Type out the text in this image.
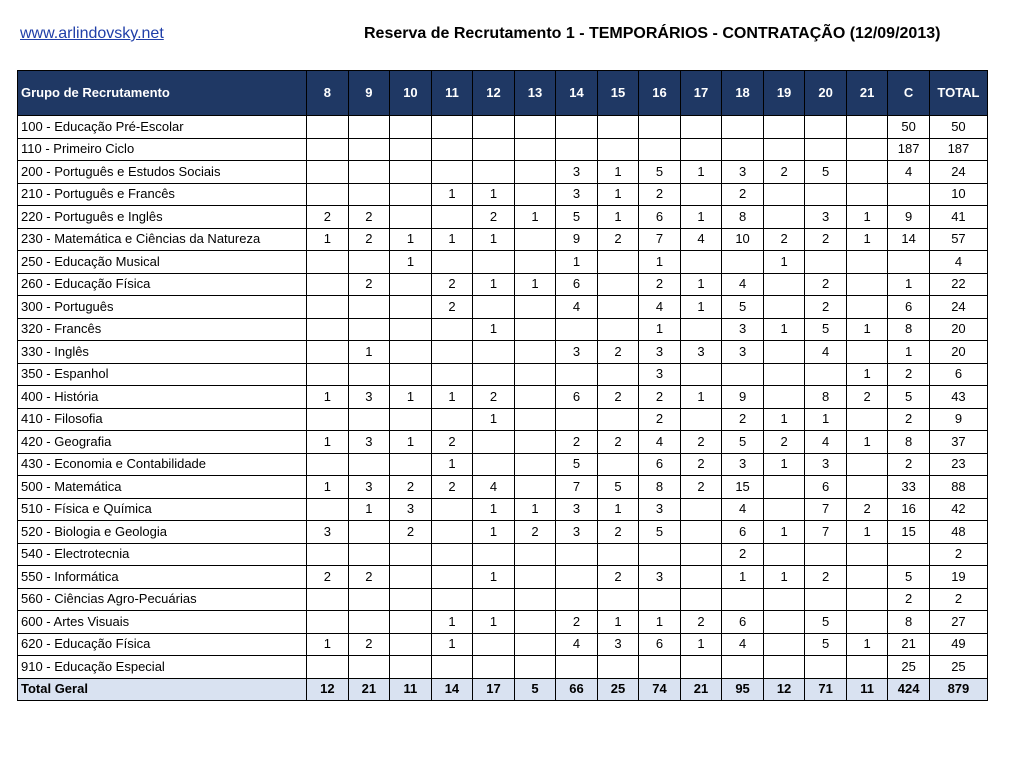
www.arlindovsky.net	Reserva de Recrutamento 1 - TEMPORÁRIOS - CONTRATAÇÃO (12/09/2013)
Grupo de Recrutamento	8	9	10	11	12	13	14	15	16	17	18	19	20	21	C	TOTAL
100 - Educação Pré-Escolar															50	50
110 - Primeiro Ciclo															187	187
200 - Português e Estudos Sociais							3	1	5	1	3	2	5		4	24
210 - Português e Francês				1	1		3	1	2		2					10
220 - Português e Inglês	2	2			2	1	5	1	6	1	8		3	1	9	41
230 - Matemática e Ciências da Natureza	1	2	1	1	1		9	2	7	4	10	2	2	1	14	57
250 - Educação Musical			1				1		1			1				4
260 - Educação Física		2		2	1	1	6		2	1	4		2		1	22
300 - Português				2			4		4	1	5		2		6	24
320 - Francês					1				1		3	1	5	1	8	20
330 - Inglês		1					3	2	3	3	3		4		1	20
350 - Espanhol									3					1	2	6
400 - História	1	3	1	1	2		6	2	2	1	9		8	2	5	43
410 - Filosofia					1				2		2	1	1		2	9
420 - Geografia	1	3	1	2			2	2	4	2	5	2	4	1	8	37
430 - Economia e Contabilidade				1			5		6	2	3	1	3		2	23
500 - Matemática	1	3	2	2	4		7	5	8	2	15		6		33	88
510 - Física e Química		1	3		1	1	3	1	3		4		7	2	16	42
520 - Biologia e Geologia	3		2		1	2	3	2	5		6	1	7	1	15	48
540 - Electrotecnia											2					2
550 - Informática	2	2			1			2	3		1	1	2		5	19
560 - Ciências Agro-Pecuárias															2	2
600 - Artes Visuais				1	1		2	1	1	2	6		5		8	27
620 - Educação Física	1	2		1			4	3	6	1	4		5	1	21	49
910 - Educação Especial															25	25
Total Geral	12	21	11	14	17	5	66	25	74	21	95	12	71	11	424	879
